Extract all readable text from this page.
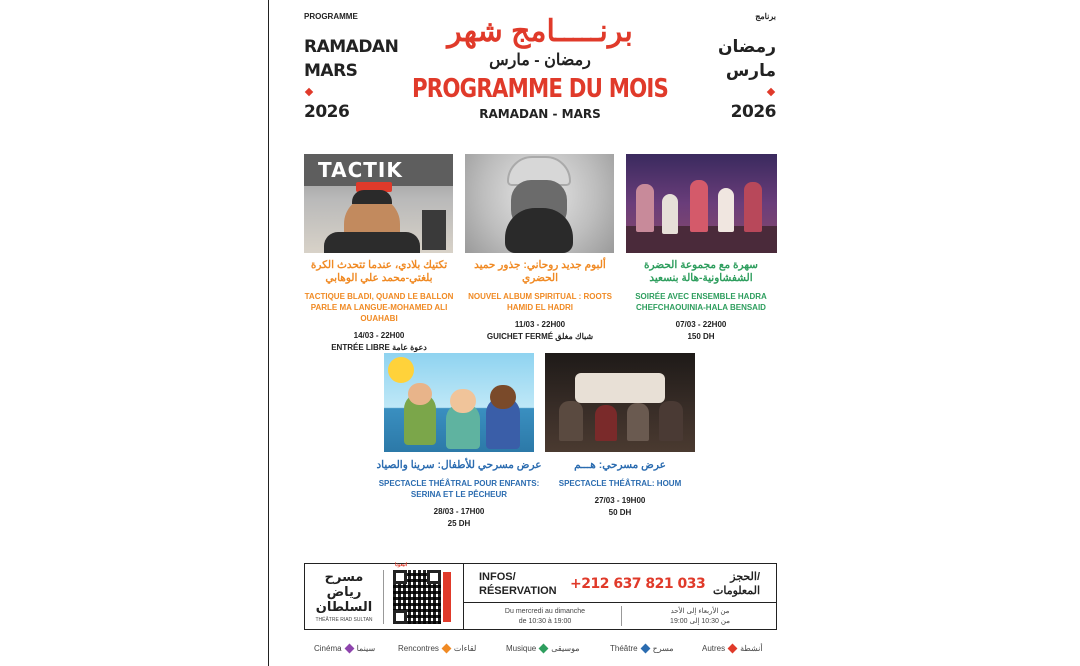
PROGRAMME
RAMADAN
MARS
2026
برنامج
رمضان
مارس
2026
برنـــــامج شهر
رمضان - مارس
PROGRAMME DU MOIS
RAMADAN - MARS
TACTIK
تكتيك بلادي، عندما تتحدث الكرة بلغتي-محمد علي الوهابي
TACTIQUE BLADI, QUAND LE BALLON PARLE MA LANGUE-MOHAMED ALI OUAHABI
14/03 - 22H00
ENTRÉE LIBRE دعوة عامة
ألبوم جديد روحاني: جذور حميد الحضري
NOUVEL ALBUM SPIRITUAL : ROOTS HAMID EL HADRI
11/03 - 22H00
GUICHET FERMÉ شباك مغلق
سهرة مع مجموعة الحضرة الشفشاونية-هالة بنسعيد
SOIRÉE AVEC ENSEMBLE HADRA CHEFCHAOUINIA-HALA BENSAID
07/03 - 22H00
150 DH
عرض مسرحي للأطفال: سرينا والصياد
SPECTACLE THÉÂTRAL POUR ENFANTS: SERINA ET LE PÊCHEUR
28/03 - 17H00
25 DH
عرض مسرحي: هـــم
SPECTACLE THÉÂTRAL: HOUM
27/03 - 19H00
50 DH
مسرح رياض السلطان
THÉÂTRE RIAD SULTAN
اتبعونا
INFOS/
RÉSERVATION +212 637 821 033	الحجز/
المعلومات
Du mercredi au dimanche
de 10:30 à 19:00
من الأربعاء إلى الأحد
من 10:30 إلى 19:00
Cinéma سينما	Rencontres لقاءات	Musique موسيقى	Théâtre مسرح	Autres أنشطة
